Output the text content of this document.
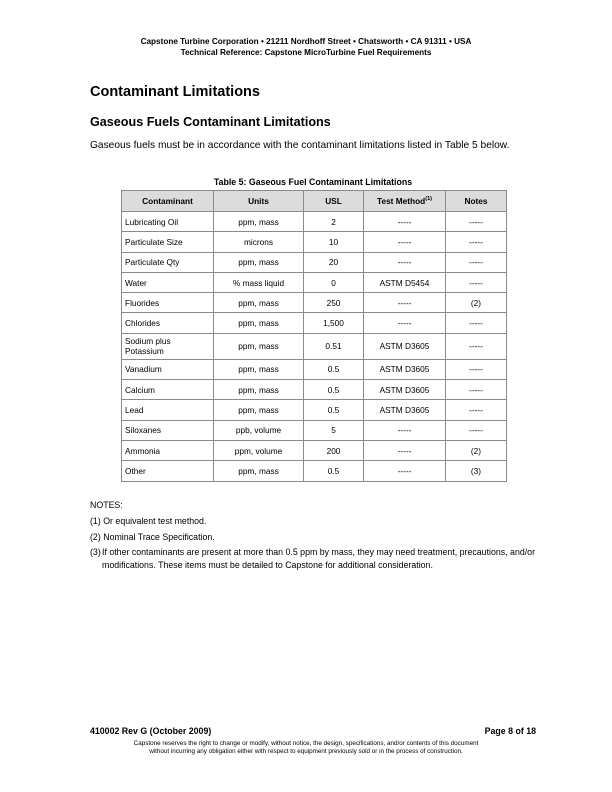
Capstone Turbine Corporation • 21211 Nordhoff Street • Chatsworth • CA 91311 • USA
Technical Reference: Capstone MicroTurbine Fuel Requirements
Contaminant Limitations
Gaseous Fuels Contaminant Limitations

Gaseous fuels must be in accordance with the contaminant limitations listed in Table 5 below.

Table 5: Gaseous Fuel Contaminant Limitations
Contaminant	Units	USL	Test Method$^{(1)}$	Notes
Lubricating Oil	ppm, mass	2	-----	-----
Particulate Size	microns	10	-----	-----
Particulate Qty	ppm, mass	20	-----	-----
Water	% mass liquid	0	ASTM D5454	-----
Fluorides	ppm, mass	250	-----	(2)
Chlorides	ppm, mass	1,500	-----	-----
Sodium plus Potassium	ppm, mass	0.51	ASTM D3605	-----
Vanadium	ppm, mass	0.5	ASTM D3605	-----
Calcium	ppm, mass	0.5	ASTM D3605	-----
Lead	ppm, mass	0.5	ASTM D3605	-----
Siloxanes	ppb, volume	5	-----	-----
Ammonia	ppm, volume	200	-----	(2)
Other	ppm, mass	0.5	-----	(3)
NOTES:
(1) Or equivalent test method.
(2) Nominal Trace Specification.
(3) If other contaminants are present at more than 0.5 ppm by mass, they may need treatment, precautions, and/or modifications. These items must be detailed to Capstone for additional consideration.
410002 Rev G (October 2009)	Page 8 of 18
Capstone reserves the right to change or modify, without notice, the design, specifications, and/or contents of this document
without incurring any obligation either with respect to equipment previously sold or in the process of construction.
